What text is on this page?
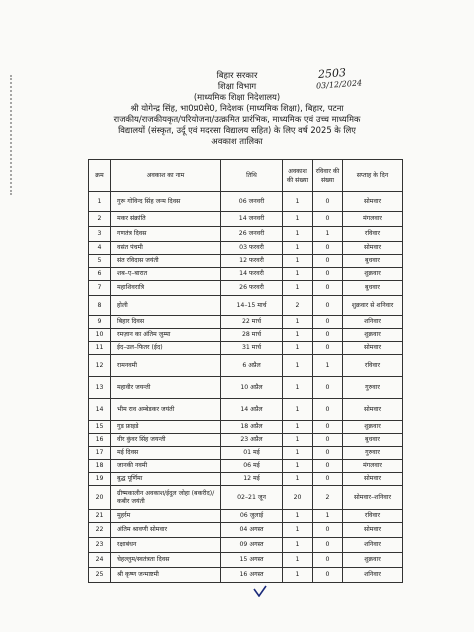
2503
03/12/2024
बिहार सरकार
शिक्षा विभाग
(माध्यमिक शिक्षा निदेशालय)
श्री योगेन्द्र सिंह, भा0प्र0से0, निदेशक (माध्यमिक शिक्षा), बिहार, पटना
राजकीय/राजकीयकृत/परियोजना/उत्क्रमित प्रारंभिक, माध्यमिक एवं उच्च माध्यमिक
विद्यालयों (संस्कृत, उर्दू एवं मदरसा विद्यालय सहित) के लिए वर्ष 2025 के लिए
अवकाश तालिका
क्रम	अवकाश का नाम	तिथि	अवकाश की संख्या	रविवार की संख्या	सप्ताह के दिन
1	गुरू गोविन्द सिंह जन्म दिवस	06 जनवरी	1	0	सोमवार
2	मकर संक्रांति	14 जनवरी	1	0	मंगलवार
3	गणतंत्र दिवस	26 जनवरी	1	1	रविवार
4	वसंत पंचमी	03 फरवरी	1	0	सोमवार
5	संत रविदास जयंती	12 फरवरी	1	0	बुधवार
6	शब–ए–बारात	14 फरवरी	1	0	शुक्रवार
7	महाशिवरात्रि	26 फरवरी	1	0	बुधवार
8	होली	14–15 मार्च	2	0	शुक्रवार से शनिवार
9	बिहार दिवस	22 मार्च	1	0	शनिवार
10	रमज़ान का अंतिम जुम्मा	28 मार्च	1	0	शुक्रवार
11	ईद–उल–फितर (ईद)	31 मार्च	1	0	सोमवार
12	रामनवमी	6 अप्रैल	1	1	रविवार
13	महावीर जयन्ती	10 अप्रैल	1	0	गुरुवार
14	भीम राव अम्बेडकर जयंती	14 अप्रैल	1	0	सोमवार
15	गुड फ्राइडे	18 अप्रैल	1	0	शुक्रवार
16	वीर कुंवर सिंह जयन्ती	23 अप्रैल	1	0	बुधवार
17	मई दिवस	01 मई	1	0	गुरुवार
18	जानकी नवमी	06 मई	1	0	मंगलवार
19	बुद्ध पूर्णिमा	12 मई	1	0	सोमवार
20	ग्रीष्मकालीन अवकाश/ईदुल जोहा (बकरीद)/कबीर जयंती	02–21 जून	20	2	सोमवार–शनिवार
21	मुहर्रम	06 जुलाई	1	1	रविवार
22	अंतिम श्रावणी सोमवार	04 अगस्त	1	0	सोमवार
23	रक्षाबंधन	09 अगस्त	1	0	शनिवार
24	चेहल्लुम/स्वतंत्रता दिवस	15 अगस्त	1	0	शुक्रवार
25	श्री कृष्ण जन्माष्टमी	16 अगस्त	1	0	शनिवार
